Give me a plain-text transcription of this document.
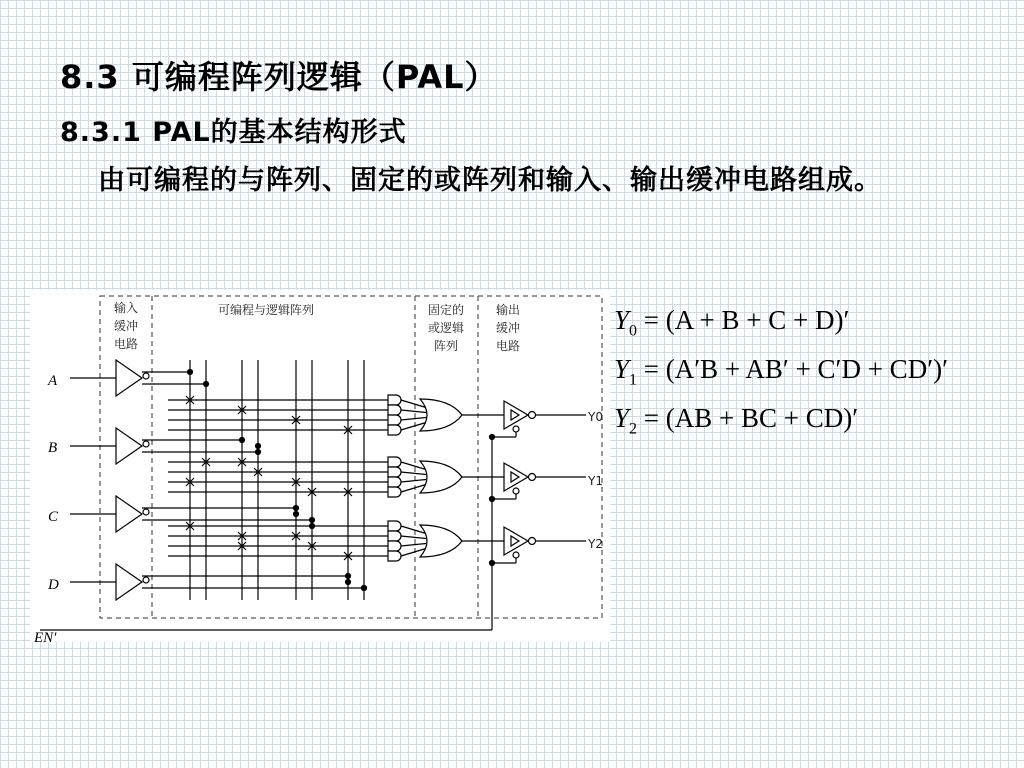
8.3 可编程阵列逻辑（PAL）
8.3.1 PAL的基本结构形式

由可编程的与阵列、固定的或阵列和输入、输出缓冲电路组成。

输入
缓冲
电路
可编程与逻辑阵列	固定的
或逻辑
阵列
输出
缓冲
电路
A
B
C
D
EN′
Y0
Y1
Y2
$Y_0 = (A + B + C + D)'$
$Y_1 = (A'B + AB' + C'D + CD')'$
$Y_2 = (AB$ + BC + CD)′
